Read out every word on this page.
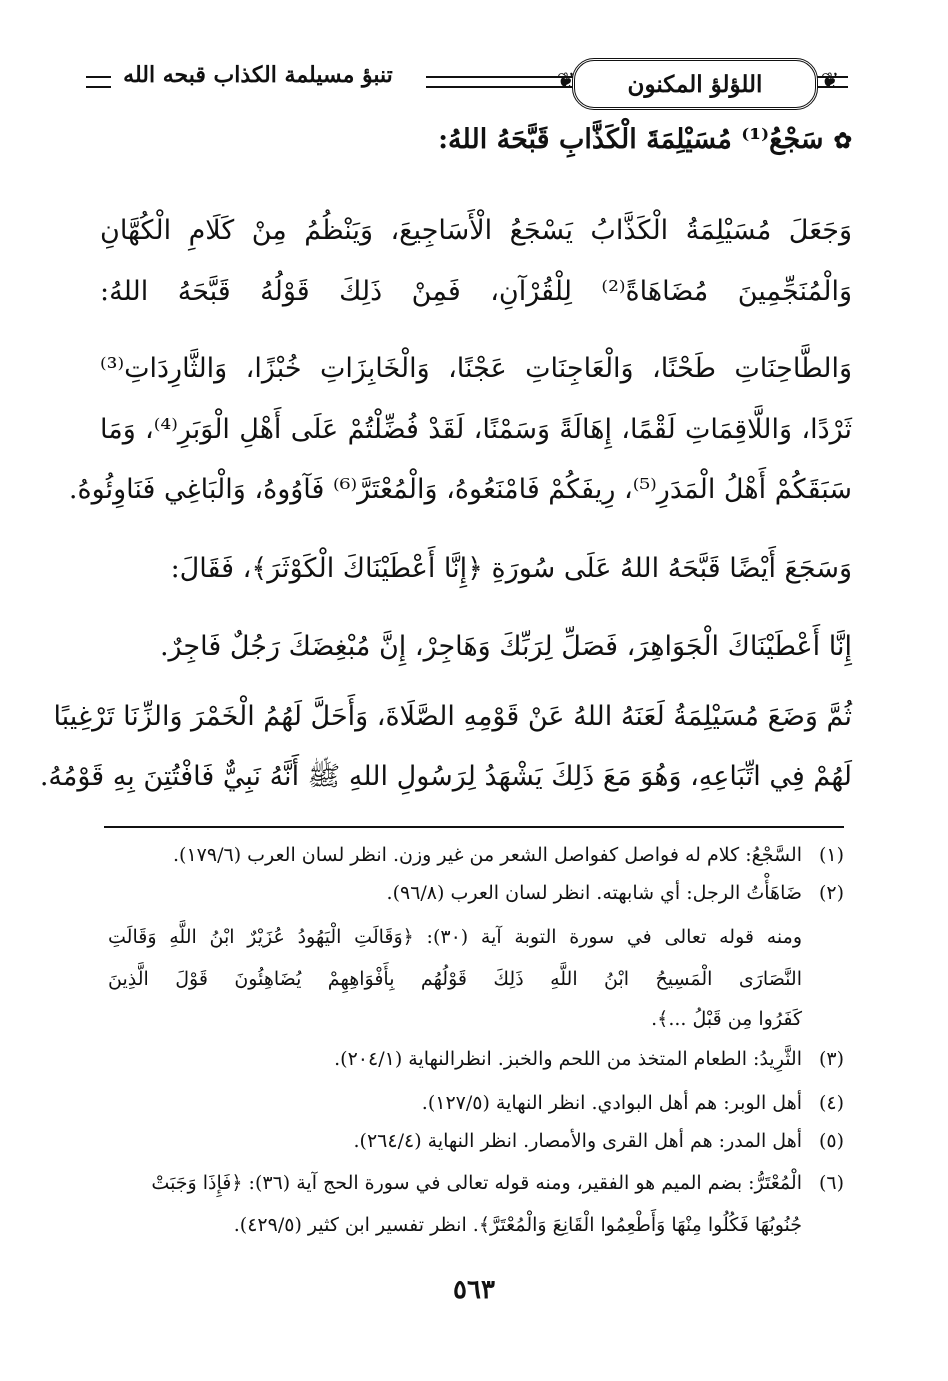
❦
اللؤلؤ المكنون
❦
تنبؤ مسيلمة الكذاب قبحه الله
✿سَجْعُ⁽¹⁾ مُسَيْلِمَةَ الْكَذَّابِ قَبَّحَهُ اللهُ:
وَجَعَلَ مُسَيْلِمَةُ الْكَذَّابُ يَسْجَعُ الْأَسَاجِيعَ، وَيَنْظُمُ مِنْ كَلَامِ الْكُهَّانِ
وَالْمُنَجِّمِينَ مُضَاهَاةً⁽²⁾ لِلْقُرْآنِ، فَمِنْ ذَلِكَ قَوْلُهُ قَبَّحَهُ اللهُ:
وَالطَّاحِنَاتِ طَحْنًا، وَالْعَاجِنَاتِ عَجْنًا، وَالْخَابِزَاتِ خُبْزًا، وَالثَّارِدَاتِ⁽³⁾
ثَرْدًا، وَاللَّاقِمَاتِ لَقْمًا، إِهَالَةً وَسَمْنًا، لَقَدْ فُضِّلْتُمْ عَلَى أَهْلِ الْوَبَرِ⁽⁴⁾، وَمَا
سَبَقَكُمْ أَهْلُ الْمَدَرِ⁽⁵⁾، رِيفَكُمْ فَامْنَعُوهُ، وَالْمُعْتَرَّ⁽⁶⁾ فَآوُوهُ، وَالْبَاغِي فَنَاوِئُوهُ.
وَسَجَعَ أَيْضًا قَبَّحَهُ اللهُ عَلَى سُورَةِ ﴿إِنَّا أَعْطَيْنَاكَ الْكَوْثَرَ﴾، فَقَالَ:
إِنَّا أَعْطَيْنَاكَ الْجَوَاهِرَ، فَصَلِّ لِرَبِّكَ وَهَاجِرْ، إِنَّ مُبْغِضَكَ رَجُلٌ فَاجِرٌ.
ثُمَّ وَضَعَ مُسَيْلِمَةُ لَعَنَهُ اللهُ عَنْ قَوْمِهِ الصَّلَاةَ، وَأَحَلَّ لَهُمُ الْخَمْرَ وَالزِّنَا تَرْغِيبًا
لَهُمْ فِي اتِّبَاعِهِ، وَهُوَ مَعَ ذَلِكَ يَشْهَدُ لِرَسُولِ اللهِ ﷺ أَنَّهُ نَبِيٌّ فَافْتُتِنَ بِهِ قَوْمُهُ.
(١)السَّجْعُ: كلام له فواصل كفواصل الشعر من غير وزن. انظر لسان العرب (١٧٩/٦).
(٢)ضَاهَأْتُ الرجل: أي شابهته. انظر لسان العرب (٩٦/٨).
ومنه قوله تعالى في سورة التوبة آية (٣٠): ﴿وَقَالَتِ الْيَهُودُ عُزَيْرٌ ابْنُ اللَّهِ وَقَالَتِ
النَّصَارَى الْمَسِيحُ ابْنُ اللَّهِ ذَلِكَ قَوْلُهُم بِأَفْوَاهِهِمْ يُضَاهِئُونَ قَوْلَ الَّذِينَ
كَفَرُوا مِن قَبْلُ ...﴾.
(٣)الثَّرِيدُ: الطعام المتخذ من اللحم والخبز. انظرالنهاية (٢٠٤/١).
(٤)أهل الوبر: هم أهل البوادي. انظر النهاية (١٢٧/٥).
(٥)أهل المدر: هم أهل القرى والأمصار. انظر النهاية (٢٦٤/٤).
(٦)الْمُعْتَرُّ: بضم الميم هو الفقير، ومنه قوله تعالى في سورة الحج آية (٣٦): ﴿فَإِذَا وَجَبَتْ
جُنُوبُهَا فَكُلُوا مِنْهَا وَأَطْعِمُوا الْقَانِعَ وَالْمُعْتَرَّ﴾. انظر تفسير ابن كثير (٤٢٩/٥).
٥٦٣
